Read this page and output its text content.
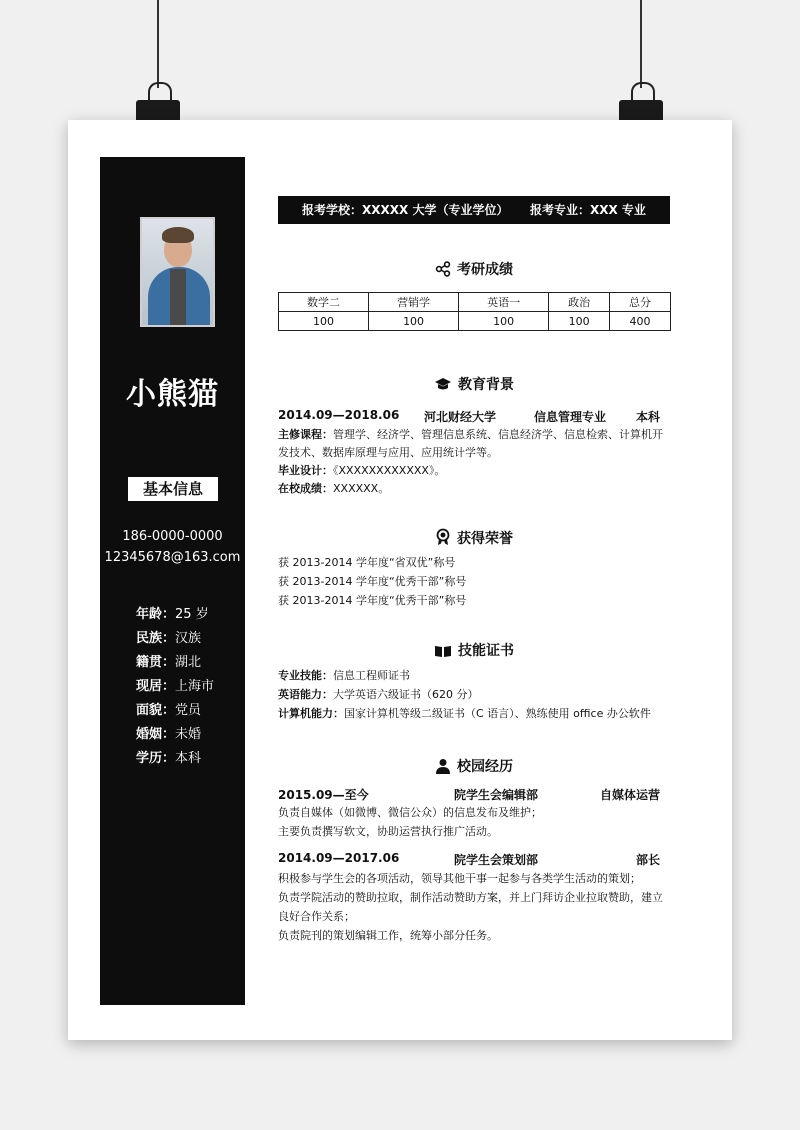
小熊猫
基本信息
186-0000-0000
12345678@163.com
年龄：25 岁
民族：汉族
籍贯：湖北
现居：上海市
面貌：党员
婚姻：未婚
学历：本科
报考学校：XXXXX 大学（专业学位） 报考专业：XXX 专业
考研成绩
数学二	营销学	英语一	政治	总分
100	100	100	100	400
教育背景
2014.09—2018.06 河北财经大学	信息管理专业 本科
主修课程：管理学、经济学、管理信息系统、信息经济学、信息检索、计算机开
发技术、数据库原理与应用、应用统计学等。
毕业设计：《XXXXXXXXXXXX》。
在校成绩：XXXXXX。
获得荣誉
获 2013-2014 学年度“省双优”称号
获 2013-2014 学年度“优秀干部”称号
获 2013-2014 学年度“优秀干部”称号
技能证书
专业技能：信息工程师证书
英语能力：大学英语六级证书（620 分）
计算机能力：国家计算机等级二级证书（C 语言）、熟练使用 office 办公软件
校园经历
2015.09—至今	院学生会编辑部	自媒体运营
负责自媒体（如微博、微信公众）的信息发布及维护；
主要负责撰写软文，协助运营执行推广活动。
2014.09—2017.06	院学生会策划部	部长
积极参与学生会的各项活动，领导其他干事一起参与各类学生活动的策划；
负责学院活动的赞助拉取，制作活动赞助方案，并上门拜访企业拉取赞助，建立
良好合作关系；
负责院刊的策划编辑工作，统筹小部分任务。
